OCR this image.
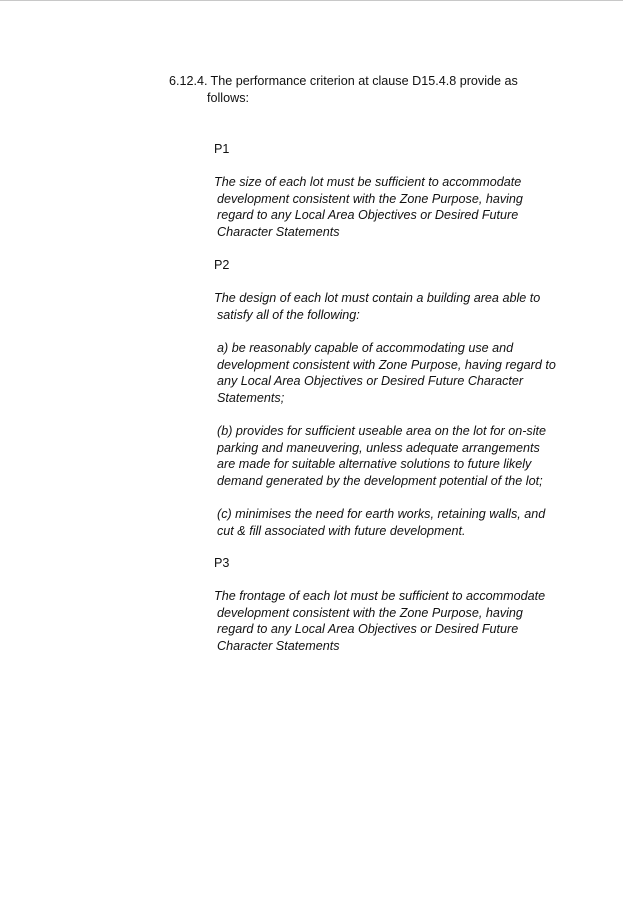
6.12.4. The performance criterion at clause D15.4.8 provide as
follows:
P1

The size of each lot must be sufficient to accommodate
development consistent with the Zone Purpose, having
regard to any Local Area Objectives or Desired Future
Character Statements

P2

The design of each lot must contain a building area able to
satisfy all of the following:

a) be reasonably capable of accommodating use and
development consistent with Zone Purpose, having regard to
any Local Area Objectives or Desired Future Character
Statements;

(b) provides for sufficient useable area on the lot for on-site
parking and maneuvering, unless adequate arrangements
are made for suitable alternative solutions to future likely
demand generated by the development potential of the lot;

(c) minimises the need for earth works, retaining walls, and
cut & fill associated with future development.

P3

The frontage of each lot must be sufficient to accommodate
development consistent with the Zone Purpose, having
regard to any Local Area Objectives or Desired Future
Character Statements
